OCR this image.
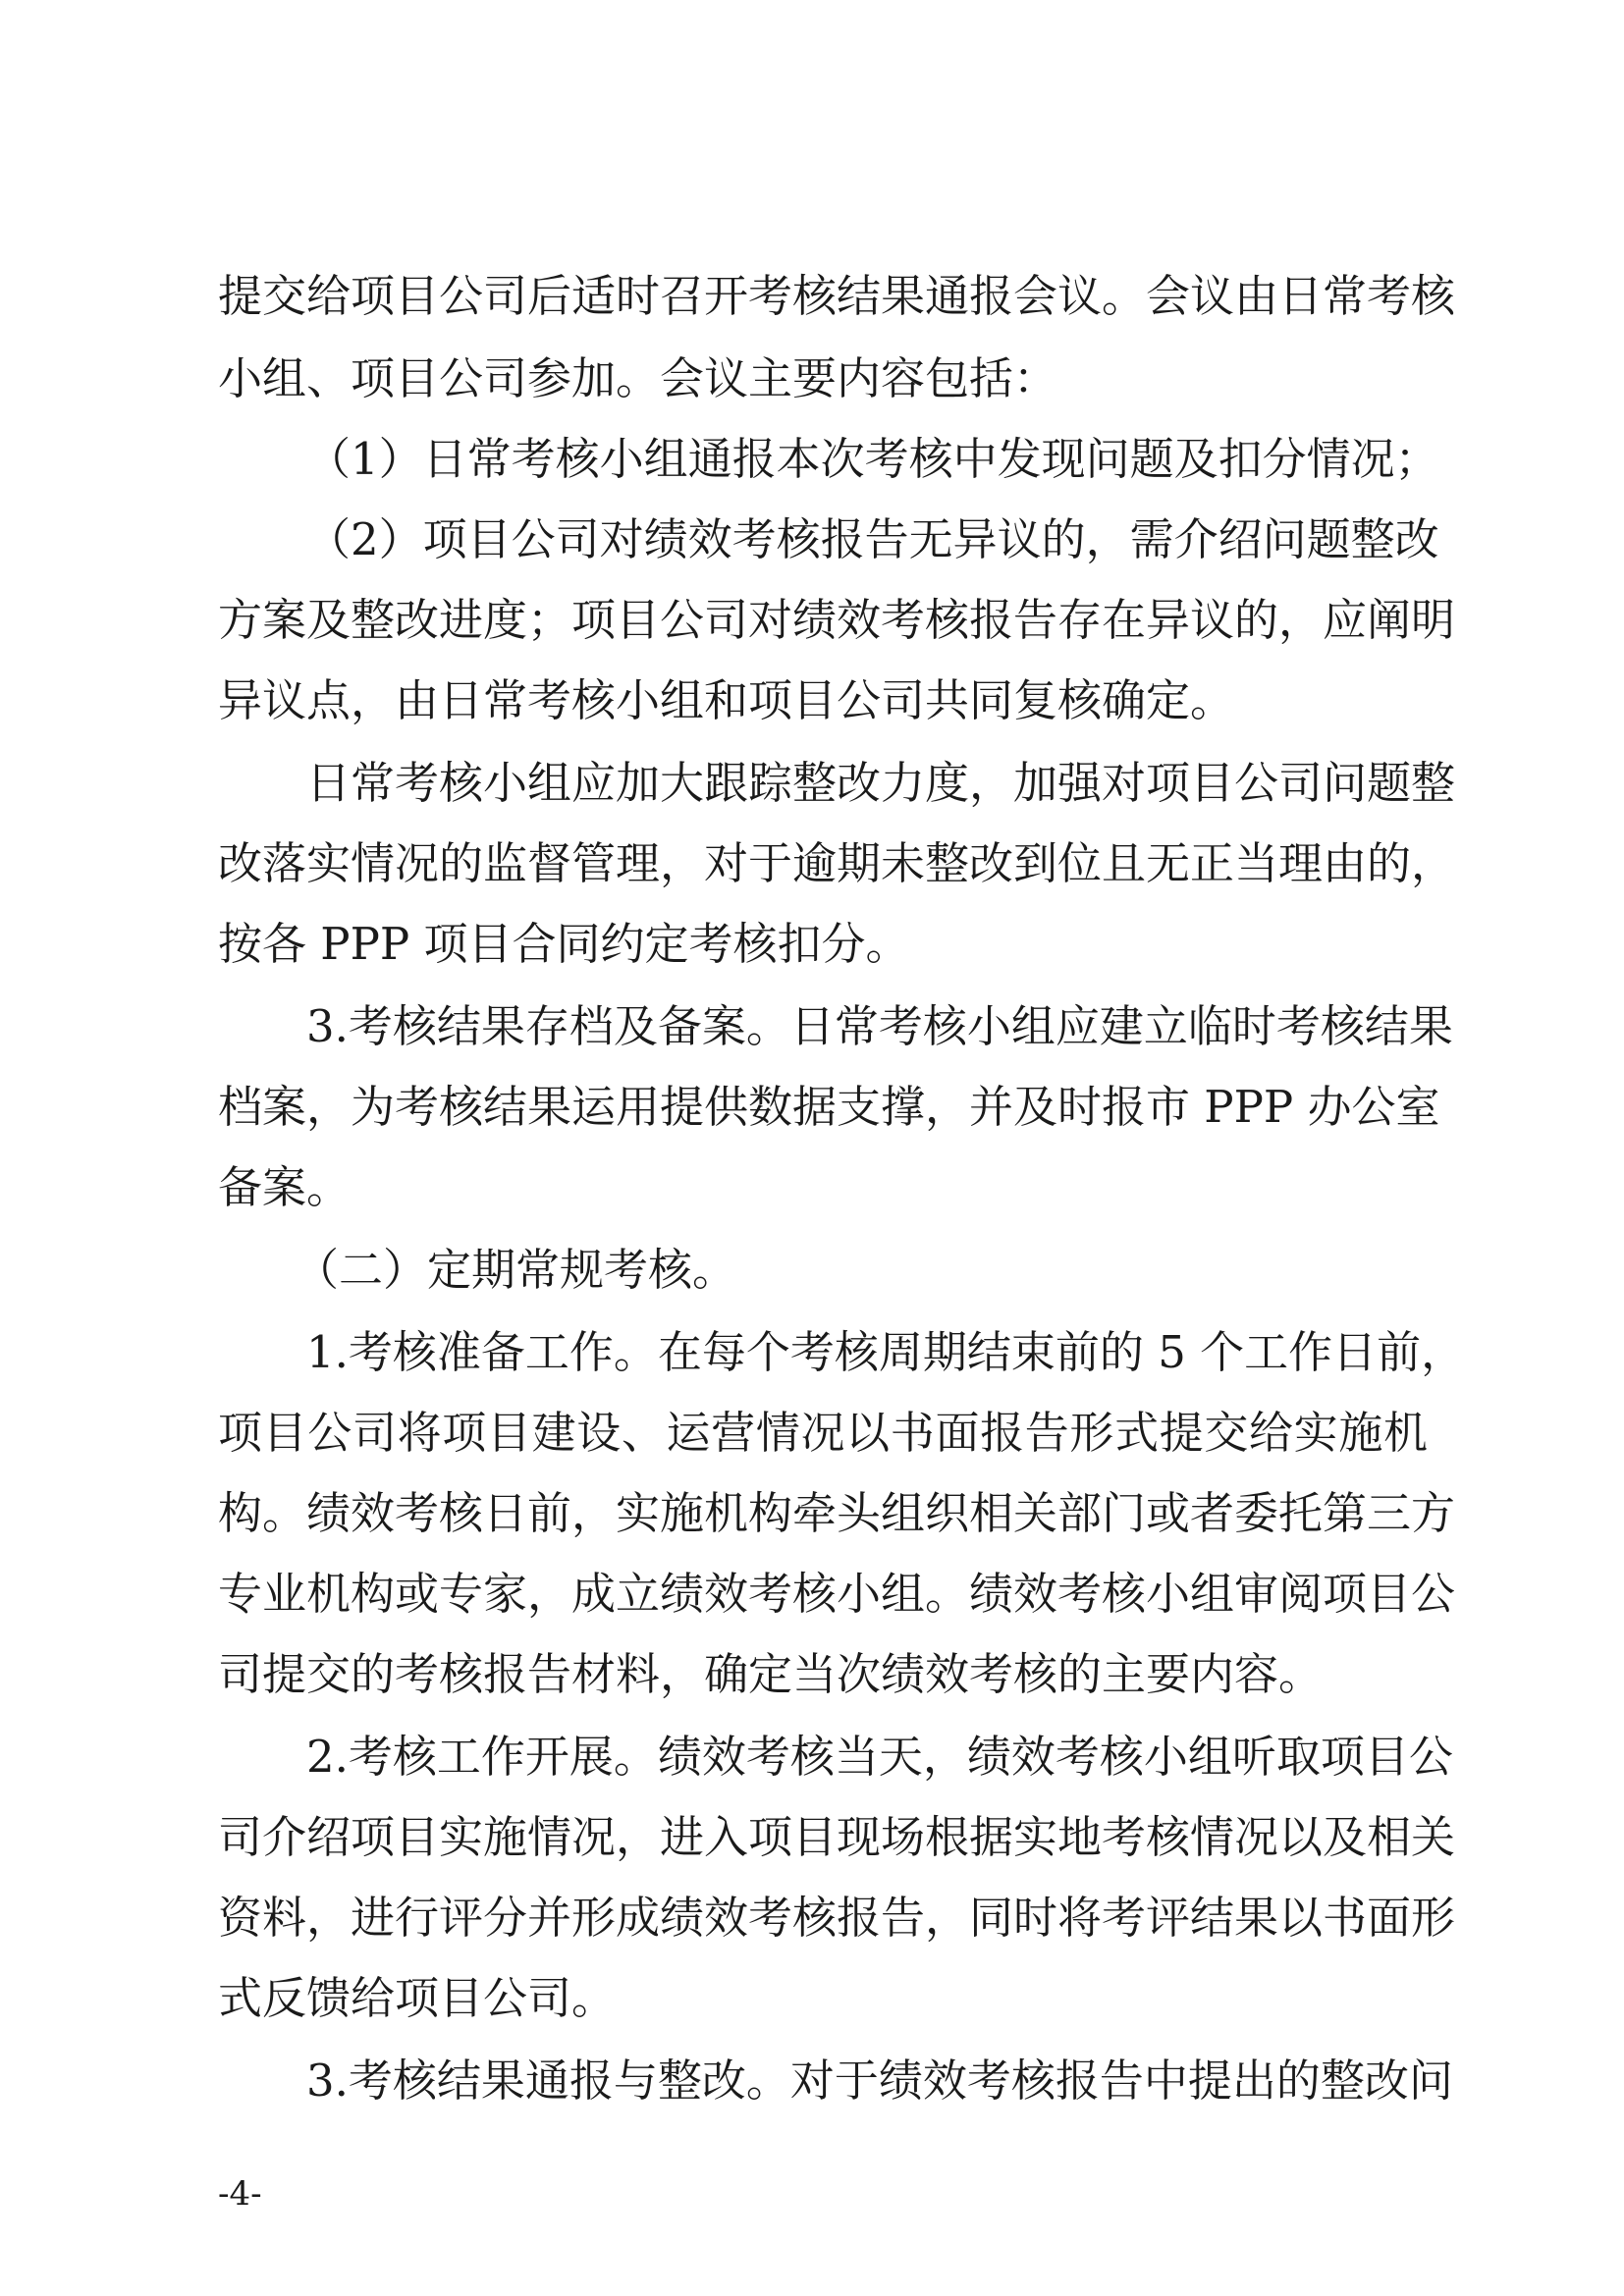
提交给项目公司后适时召开考核结果通报会议。会议由日常考核
小组、项目公司参加。会议主要内容包括：
（1）日常考核小组通报本次考核中发现问题及扣分情况；
（2）项目公司对绩效考核报告无异议的，需介绍问题整改
方案及整改进度；项目公司对绩效考核报告存在异议的，应阐明
异议点，由日常考核小组和项目公司共同复核确定。
日常考核小组应加大跟踪整改力度，加强对项目公司问题整
改落实情况的监督管理，对于逾期未整改到位且无正当理由的，
按各 PPP 项目合同约定考核扣分。
3.考核结果存档及备案。日常考核小组应建立临时考核结果
档案，为考核结果运用提供数据支撑，并及时报市 PPP 办公室
备案。
（二）定期常规考核。
1.考核准备工作。在每个考核周期结束前的 5 个工作日前，
项目公司将项目建设、运营情况以书面报告形式提交给实施机
构。绩效考核日前，实施机构牵头组织相关部门或者委托第三方
专业机构或专家，成立绩效考核小组。绩效考核小组审阅项目公
司提交的考核报告材料，确定当次绩效考核的主要内容。
2.考核工作开展。绩效考核当天，绩效考核小组听取项目公
司介绍项目实施情况，进入项目现场根据实地考核情况以及相关
资料，进行评分并形成绩效考核报告，同时将考评结果以书面形
式反馈给项目公司。
3.考核结果通报与整改。对于绩效考核报告中提出的整改问
-4-
